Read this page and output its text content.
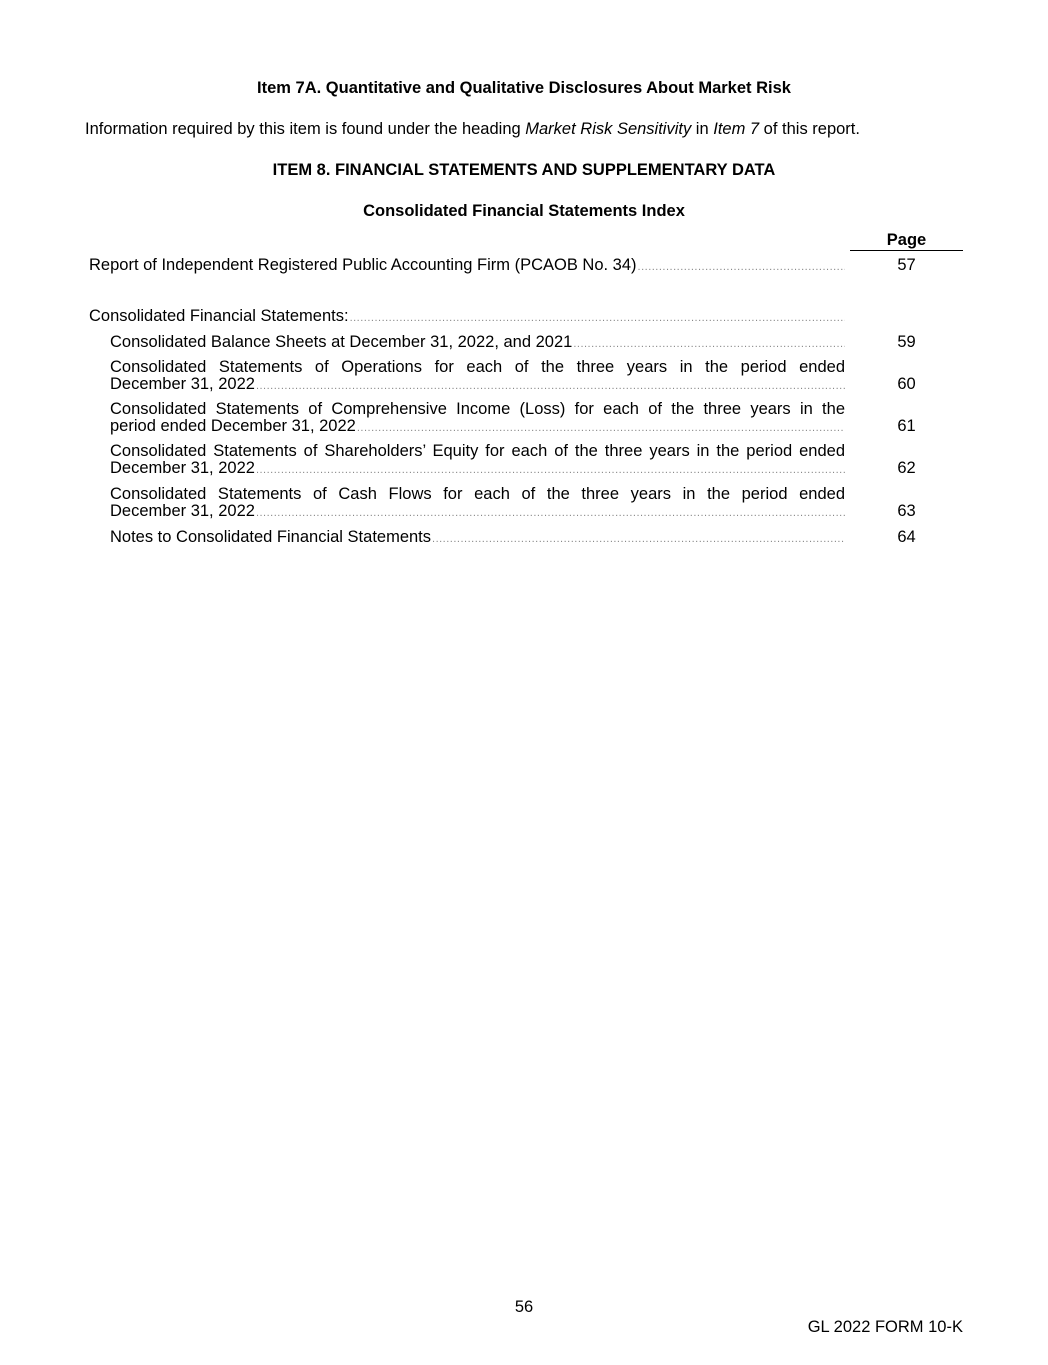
Item 7A. Quantitative and Qualitative Disclosures About Market Risk
Information required by this item is found under the heading Market Risk Sensitivity in Item 7 of this report.
ITEM 8. FINANCIAL STATEMENTS AND SUPPLEMENTARY DATA
Consolidated Financial Statements Index
Page
Report of Independent Registered Public Accounting Firm (PCAOB No. 34) .....	57
Consolidated Financial Statements:
.....
Consolidated Balance Sheets at December 31, 2022, and 2021 .....	59
Consolidated Statements of Operations for each of the three years in the period ended
December 31, 2022 .....	60
Consolidated Statements of Comprehensive Income (Loss) for each of the three years in the
period ended December 31, 2022 .....	61
Consolidated Statements of Shareholders’ Equity for each of the three years in the period ended
December 31, 2022 .....	62
Consolidated Statements of Cash Flows for each of the three years in the period ended
December 31, 2022 .....	63
Notes to Consolidated Financial Statements .....	64
56
GL 2022 FORM 10-K
